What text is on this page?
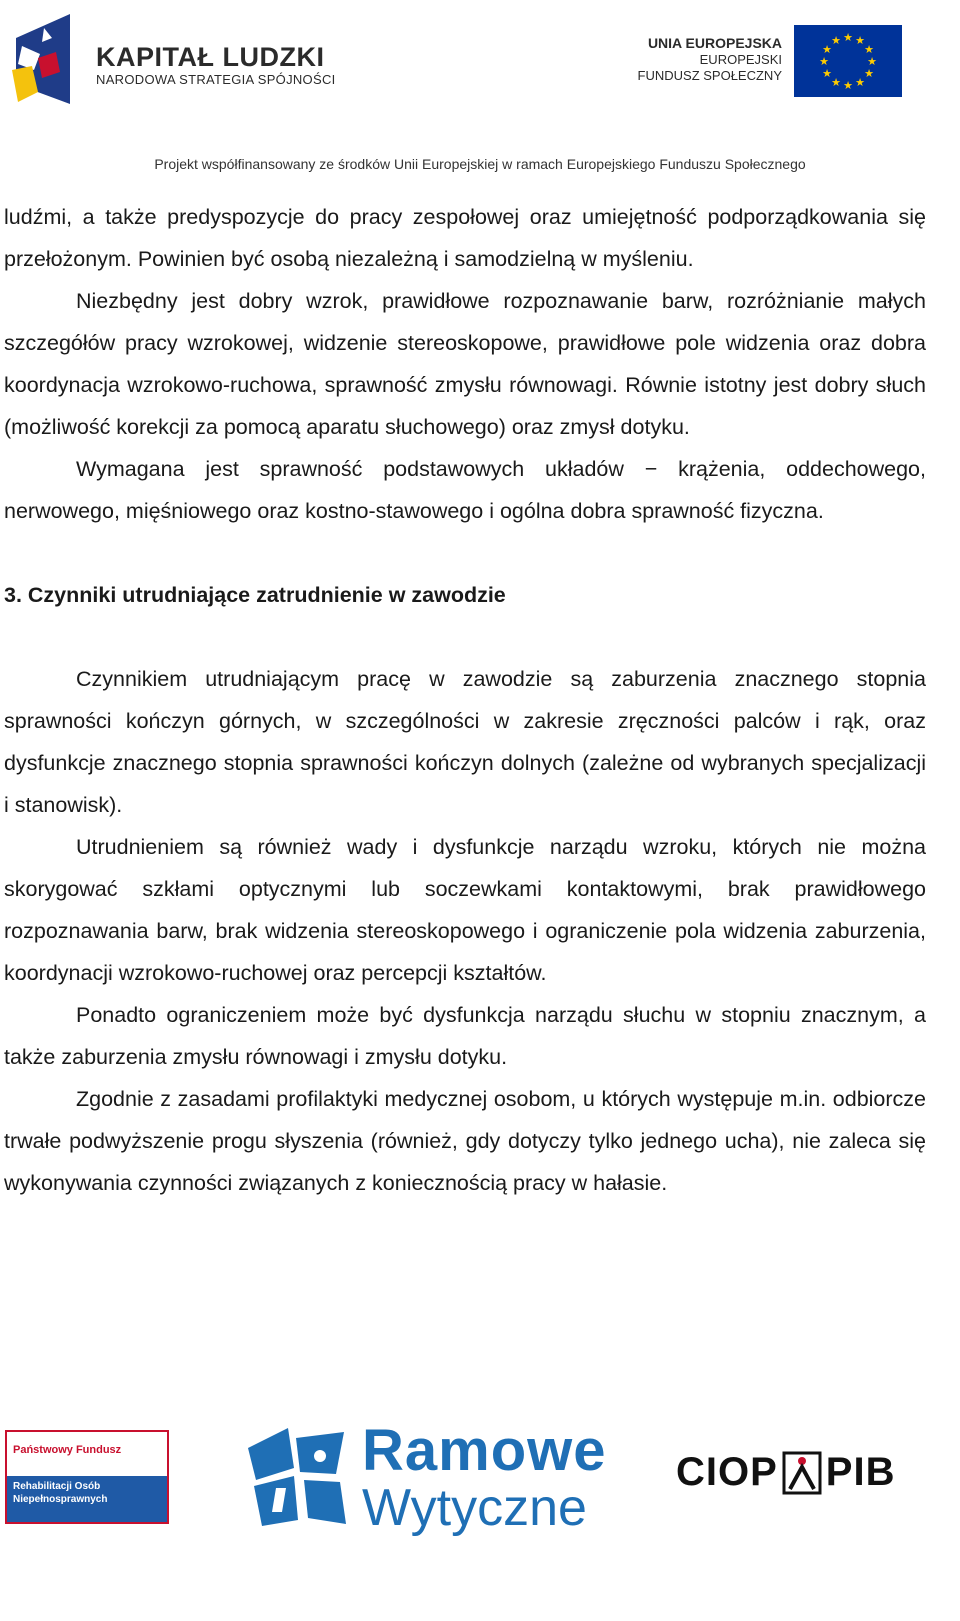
KAPITAŁ LUDZKI
NARODOWA STRATEGIA SPÓJNOŚCI
UNIA EUROPEJSKA
EUROPEJSKI
FUNDUSZ SPOŁECZNY
★ ★
★
★
★
★
★
★
★
★
★
★
Projekt współfinansowany ze środków Unii Europejskiej w ramach Europejskiego Funduszu Społecznego

ludźmi, a także predyspozycje do pracy zespołowej oraz umiejętność podporządkowania się przełożonym. Powinien być osobą niezależną i samodzielną w myśleniu.

Niezbędny jest dobry wzrok, prawidłowe rozpoznawanie barw, rozróżnianie małych szczegółów pracy wzrokowej, widzenie stereoskopowe, prawidłowe pole widzenia oraz dobra koordynacja wzrokowo-ruchowa, sprawność zmysłu równowagi. Równie istotny jest dobry słuch (możliwość korekcji za pomocą aparatu słuchowego) oraz zmysł dotyku.

Wymagana jest sprawność podstawowych układów − krążenia, oddechowego, nerwowego, mięśniowego oraz kostno-stawowego i ogólna dobra sprawność fizyczna.

3. Czynniki utrudniające zatrudnienie w zawodzie

Czynnikiem utrudniającym pracę w zawodzie są zaburzenia znacznego stopnia sprawności kończyn górnych, w szczególności w zakresie zręczności palców i rąk, oraz dysfunkcje znacznego stopnia sprawności kończyn dolnych (zależne od wybranych specjalizacji i stanowisk).

Utrudnieniem są również wady i dysfunkcje narządu wzroku, których nie można skorygować szkłami optycznymi lub soczewkami kontaktowymi, brak prawidłowego rozpoznawania barw, brak widzenia stereoskopowego i ograniczenie pola widzenia zaburzenia, koordynacji wzrokowo-ruchowej oraz percepcji kształtów.

Ponadto ograniczeniem może być dysfunkcja narządu słuchu w stopniu znacznym, a także zaburzenia zmysłu równowagi i zmysłu dotyku.

Zgodnie z zasadami profilaktyki medycznej osobom, u których występuje m.in. odbiorcze trwałe podwyższenie progu słyszenia (również, gdy dotyczy tylko jednego ucha), nie zaleca się wykonywania czynności związanych z koniecznością pracy w hałasie.

Państwowy Fundusz
Rehabilitacji Osób Niepełnosprawnych
Ramowe
Wytyczne
CIOP PIB
